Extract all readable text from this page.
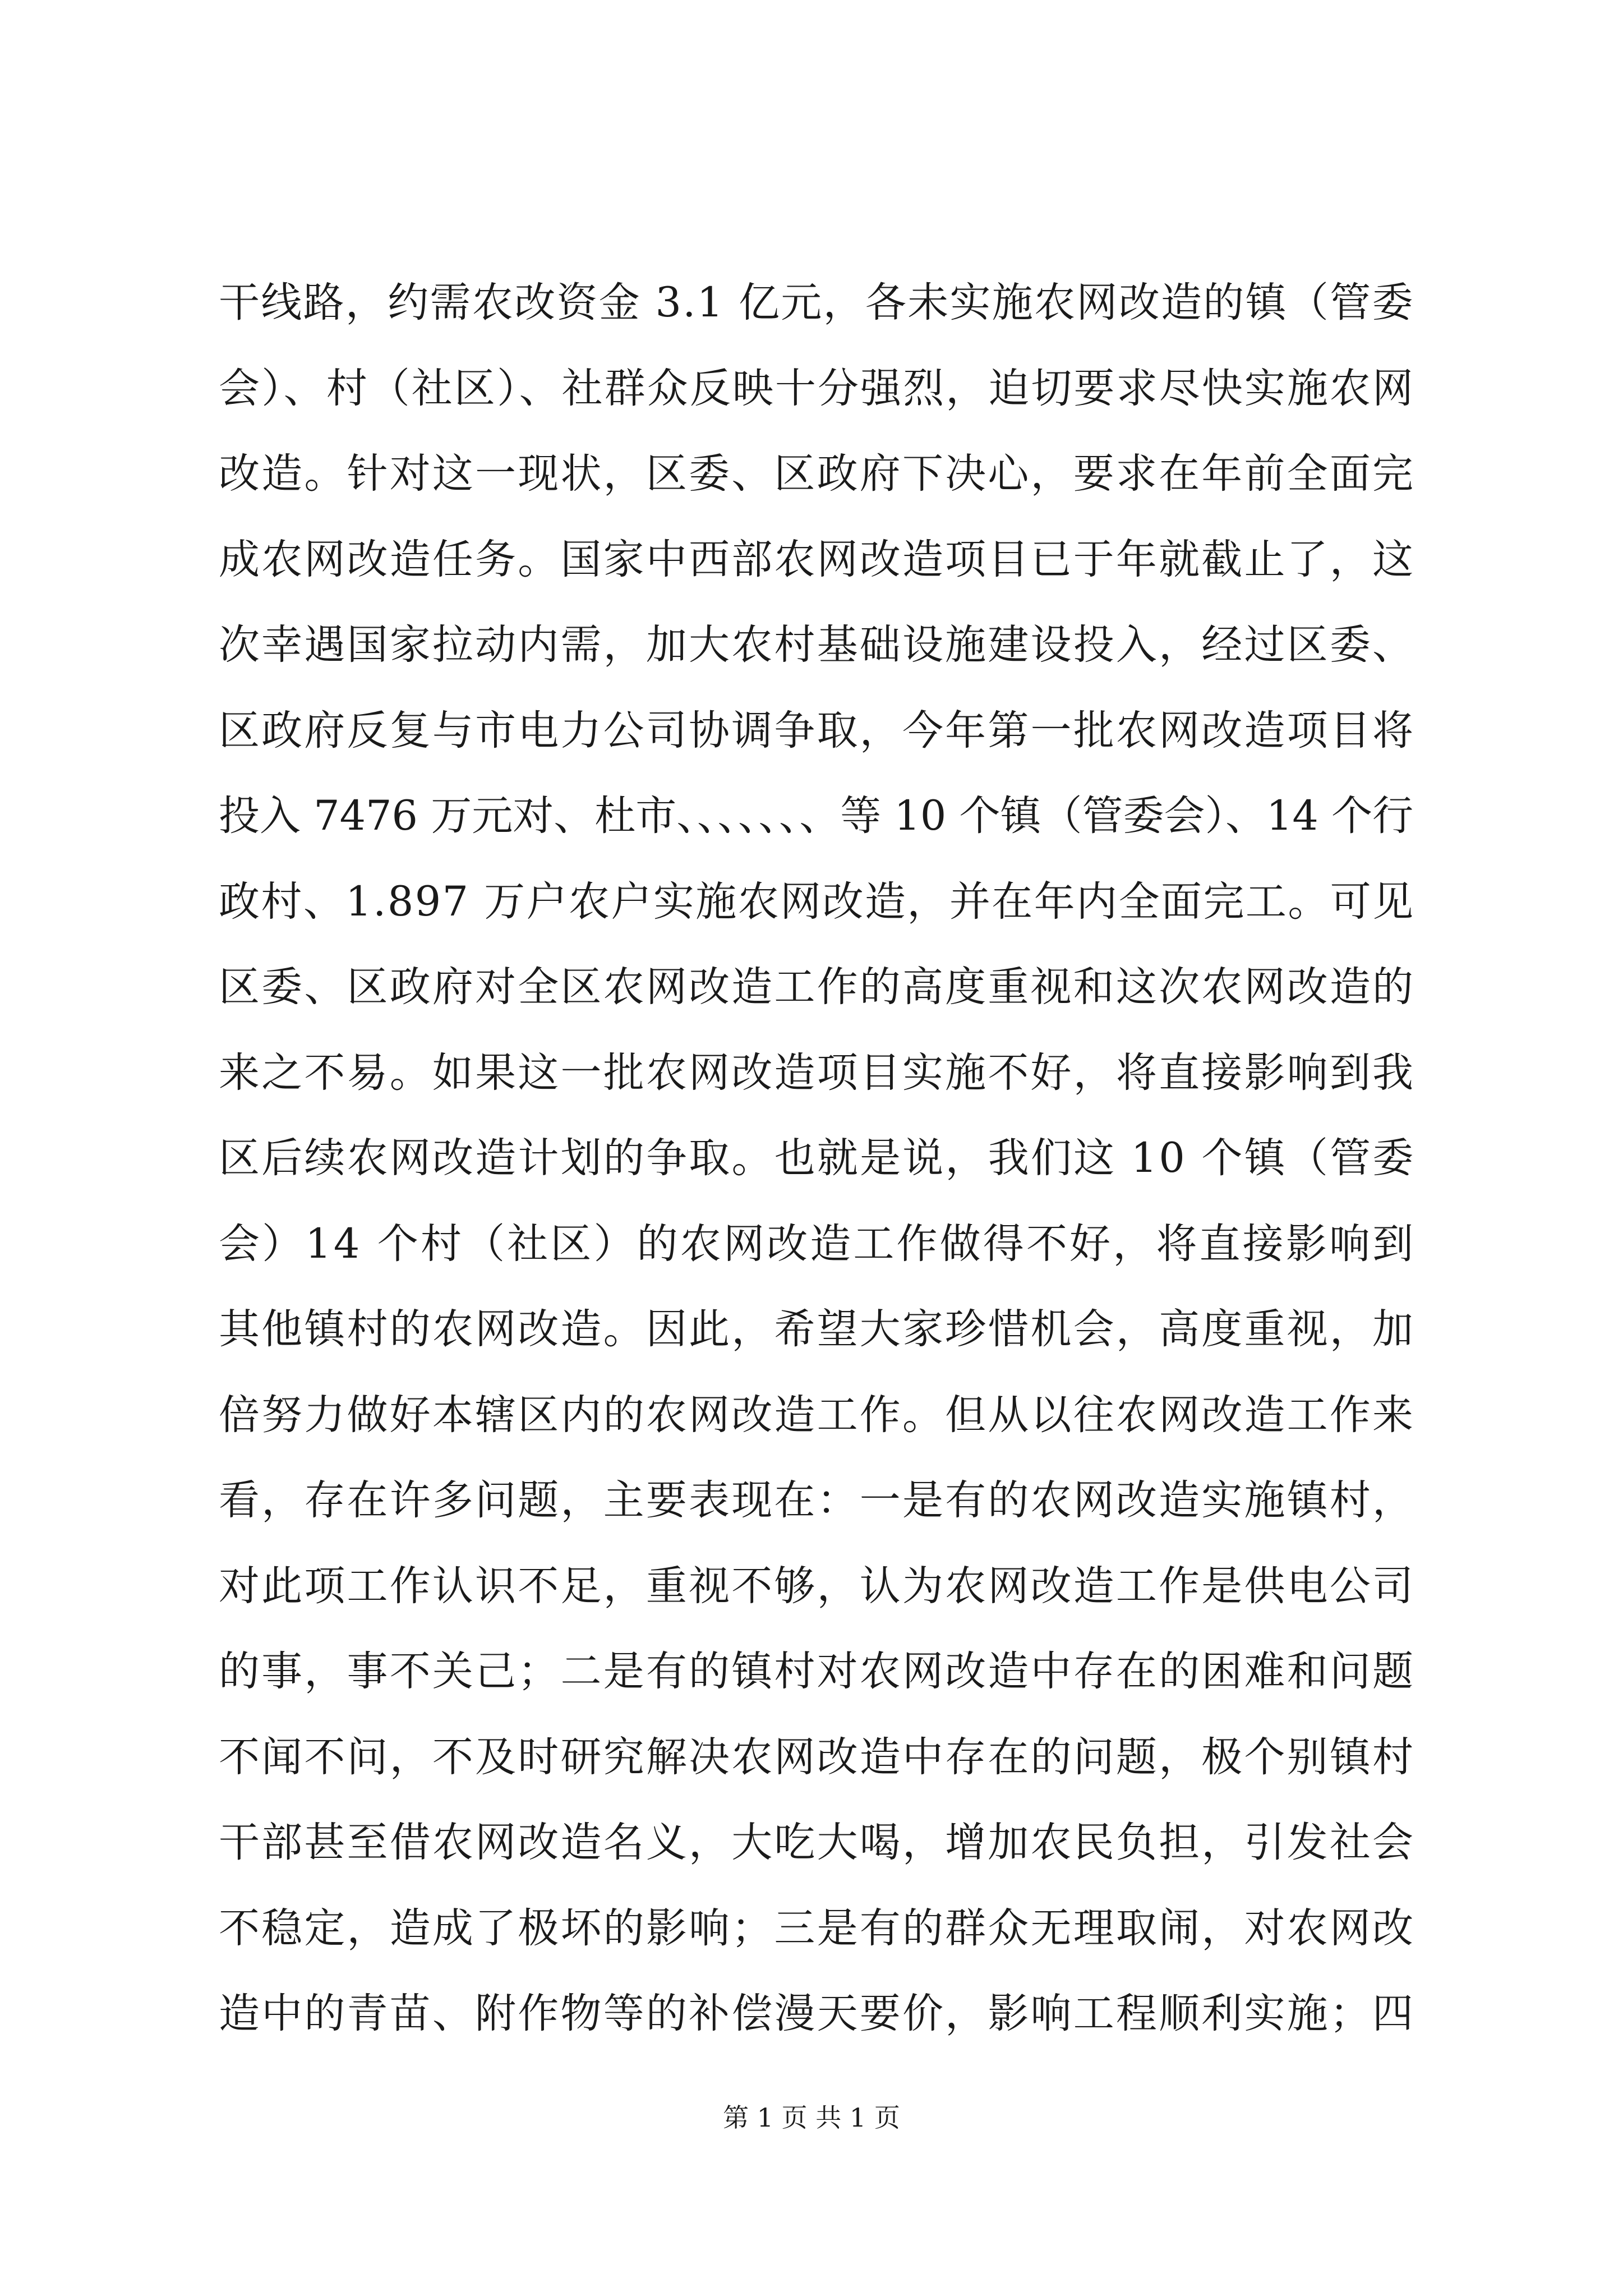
干线路，约需农改资金 3.1 亿元，各未实施农网改造的镇（管委
会）、村（社区）、社群众反映十分强烈，迫切要求尽快实施农网
改造。针对这一现状，区委、区政府下决心，要求在年前全面完
成农网改造任务。国家中西部农网改造项目已于年就截止了，这
次幸遇国家拉动内需，加大农村基础设施建设投入，经过区委、
区政府反复与市电力公司协调争取，今年第一批农网改造项目将
投入 7476 万元对、杜市、、、、、、、等 10 个镇（管委会）、14 个行
政村、1.897 万户农户实施农网改造，并在年内全面完工。可见
区委、区政府对全区农网改造工作的高度重视和这次农网改造的
来之不易。如果这一批农网改造项目实施不好，将直接影响到我
区后续农网改造计划的争取。也就是说，我们这 10 个镇（管委
会）14 个村（社区）的农网改造工作做得不好，将直接影响到
其他镇村的农网改造。因此，希望大家珍惜机会，高度重视，加
倍努力做好本辖区内的农网改造工作。但从以往农网改造工作来
看，存在许多问题，主要表现在：一是有的农网改造实施镇村，
对此项工作认识不足，重视不够，认为农网改造工作是供电公司
的事，事不关己；二是有的镇村对农网改造中存在的困难和问题
不闻不问，不及时研究解决农网改造中存在的问题，极个别镇村
干部甚至借农网改造名义，大吃大喝，增加农民负担，引发社会
不稳定，造成了极坏的影响；三是有的群众无理取闹，对农网改
造中的青苗、附作物等的补偿漫天要价，影响工程顺利实施；四
第 1 页 共 1 页
